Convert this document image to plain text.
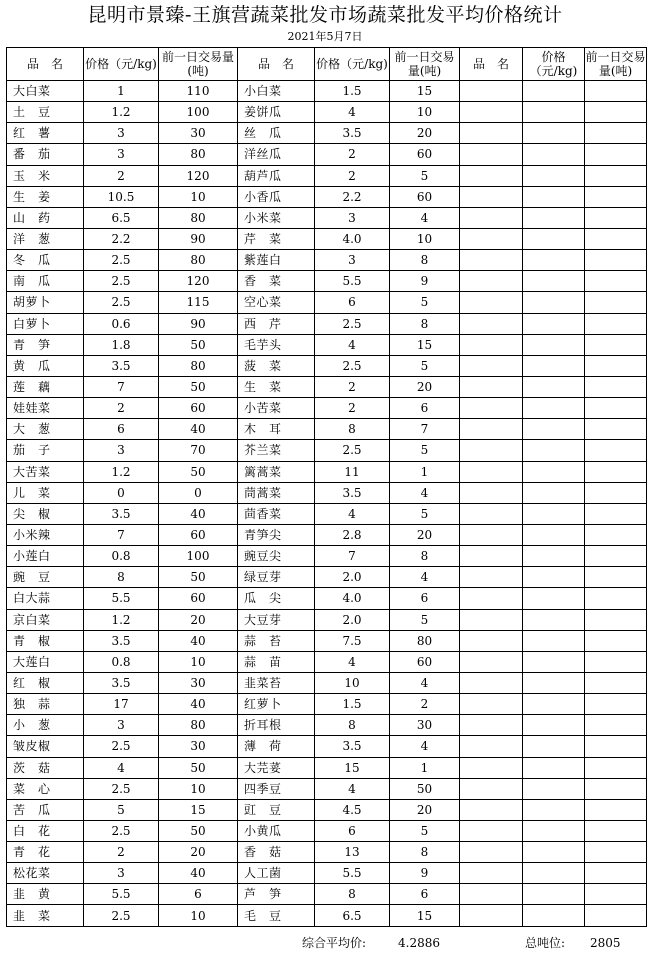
昆明市景臻-王旗营蔬菜批发市场蔬菜批发平均价格统计
2021年5月7日
品　名	价格（元/kg)	前一日交易量(吨)	品　名	价格（元/kg)	前一日交易量(吨)	品　名	价格（元/kg)	前一日交易量(吨)
大白菜	1	110	小白菜	1.5	15			
土　豆	1.2	100	姜饼瓜	4	10			
红　薯	3	30	丝　瓜	3.5	20			
番　茄	3	80	洋丝瓜	2	60			
玉　米	2	120	葫芦瓜	2	5			
生　姜	10.5	10	小香瓜	2.2	60			
山　药	6.5	80	小米菜	3	4			
洋　葱	2.2	90	芹　菜	4.0	10			
冬　瓜	2.5	80	紫莲白	3	8			
南　瓜	2.5	120	香　菜	5.5	9			
胡萝卜	2.5	115	空心菜	6	5			
白萝卜	0.6	90	西　芹	2.5	8			
青　笋	1.8	50	毛芋头	4	15			
黄　瓜	3.5	80	菠　菜	2.5	5			
莲　藕	7	50	生　菜	2	20			
娃娃菜	2	60	小苦菜	2	6			
大　葱	6	40	木　耳	8	7			
茄　子	3	70	芥兰菜	2.5	5			
大苦菜	1.2	50	篱蒿菜	11	1			
儿　菜	0	0	茼蒿菜	3.5	4			
尖　椒	3.5	40	茴香菜	4	5			
小米辣	7	60	青笋尖	2.8	20			
小莲白	0.8	100	豌豆尖	7	8			
豌　豆	8	50	绿豆芽	2.0	4			
白大蒜	5.5	60	瓜　尖	4.0	6			
京白菜	1.2	20	大豆芽	2.0	5			
青　椒	3.5	40	蒜　苔	7.5	80			
大莲白	0.8	10	蒜　苗	4	60			
红　椒	3.5	30	韭菜苔	10	4			
独　蒜	17	40	红萝卜	1.5	2			
小　葱	3	80	折耳根	8	30			
皱皮椒	2.5	30	薄　荷	3.5	4			
茨　菇	4	50	大芫荽	15	1			
菜　心	2.5	10	四季豆	4	50			
苦　瓜	5	15	豇　豆	4.5	20			
白　花	2.5	50	小黄瓜	6	5			
青　花	2	20	香　菇	13	8			
松花菜	3	40	人工菌	5.5	9			
韭　黄	5.5	6	芦　笋	8	6			
韭　菜	2.5	10	毛　豆	6.5	15			
综合平均价:	4.2886	总吨位: 2805
